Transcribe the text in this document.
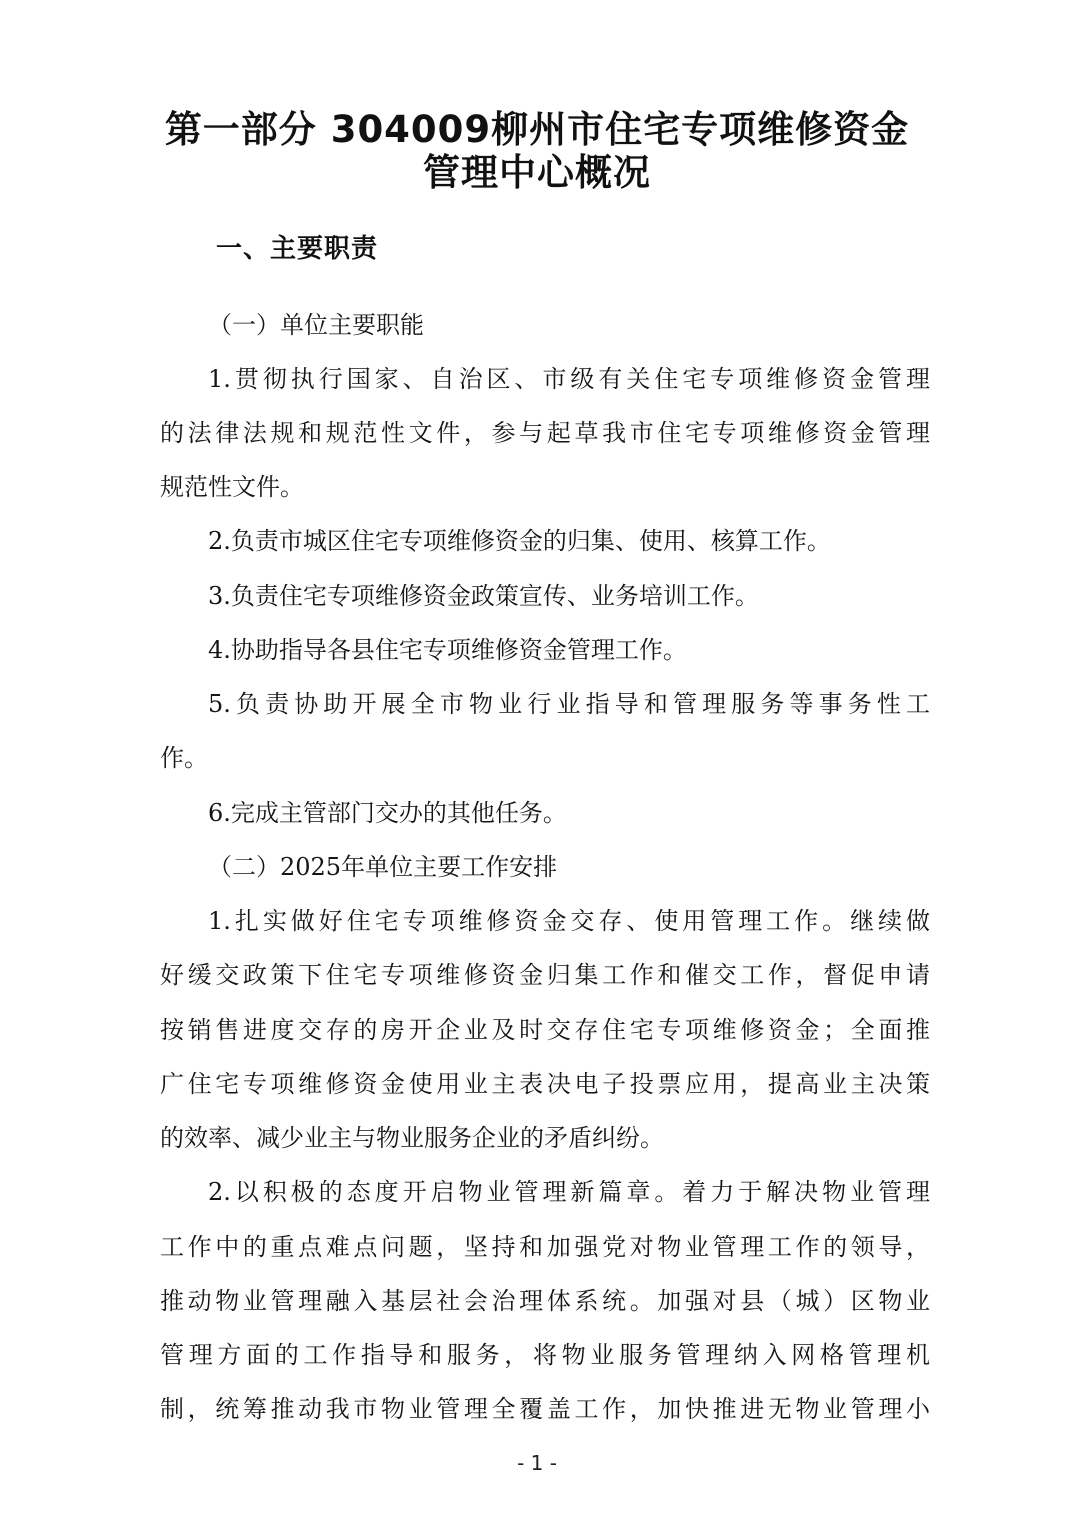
第一部分 304009柳州市住宅专项维修资金
管理中心概况
一、主要职责
（一）单位主要职能
1.贯彻执行国家、自治区、市级有关住宅专项维修资金管理
的法律法规和规范性文件，参与起草我市住宅专项维修资金管理
规范性文件。
2.负责市城区住宅专项维修资金的归集、使用、核算工作。
3.负责住宅专项维修资金政策宣传、业务培训工作。
4.协助指导各县住宅专项维修资金管理工作。
5.负责协助开展全市物业行业指导和管理服务等事务性工
作。
6.完成主管部门交办的其他任务。
（二）2025年单位主要工作安排
1.扎实做好住宅专项维修资金交存、使用管理工作。继续做
好缓交政策下住宅专项维修资金归集工作和催交工作，督促申请
按销售进度交存的房开企业及时交存住宅专项维修资金；全面推
广住宅专项维修资金使用业主表决电子投票应用，提高业主决策
的效率、减少业主与物业服务企业的矛盾纠纷。
2.以积极的态度开启物业管理新篇章。着力于解决物业管理
工作中的重点难点问题，坚持和加强党对物业管理工作的领导，
推动物业管理融入基层社会治理体系统。加强对县（城）区物业
管理方面的工作指导和服务，将物业服务管理纳入网格管理机
制，统筹推动我市物业管理全覆盖工作，加快推进无物业管理小
- 1 -
